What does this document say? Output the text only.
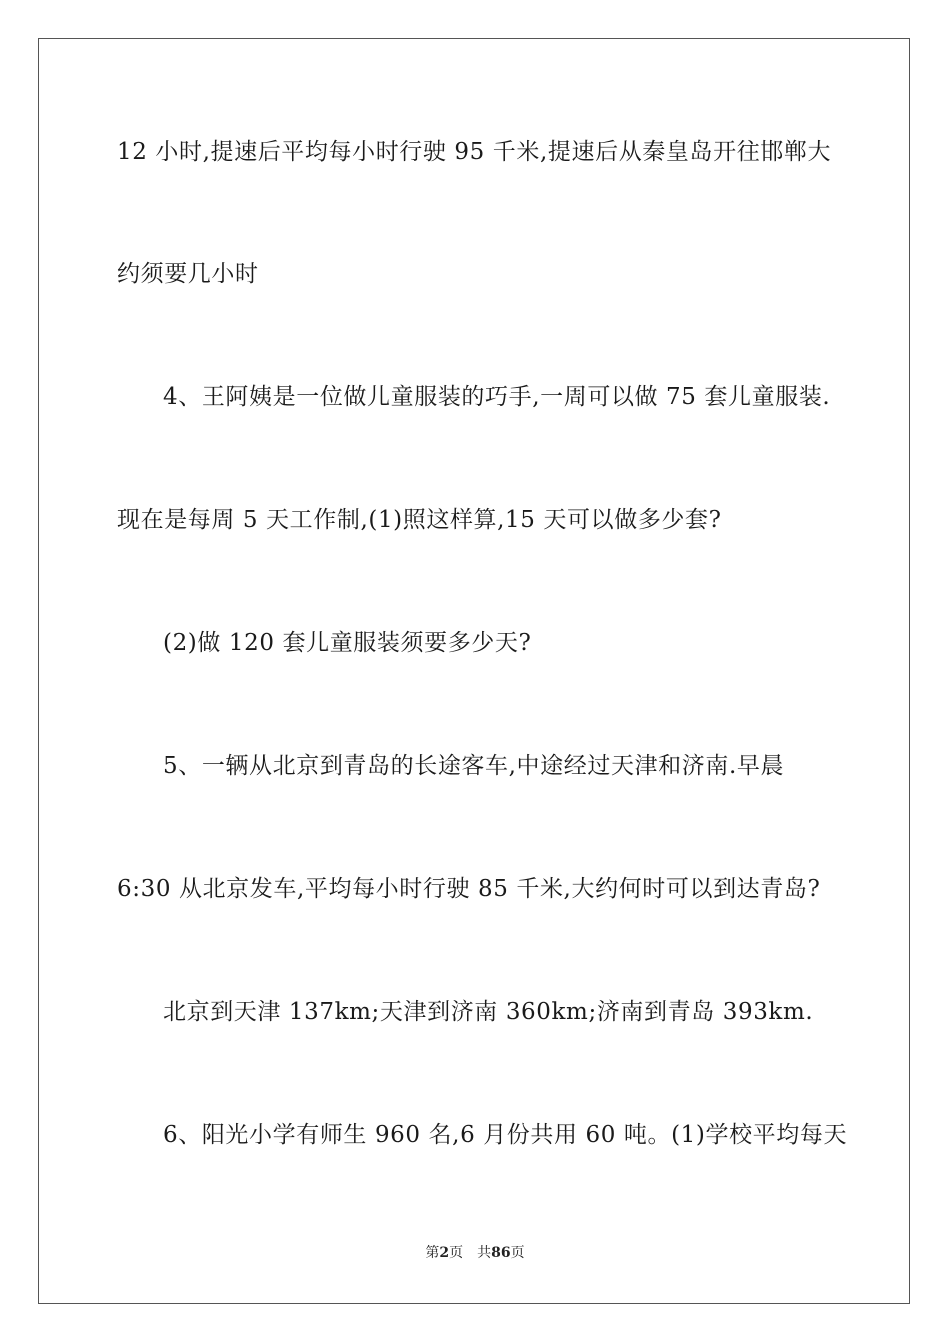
12 小时,提速后平均每小时行驶 95 千米,提速后从秦皇岛开往邯郸大
约须要几小时
4、王阿姨是一位做儿童服装的巧手,一周可以做 75 套儿童服装.
现在是每周 5 天工作制,(1)照这样算,15 天可以做多少套?
(2)做 120 套儿童服装须要多少天?
5、一辆从北京到青岛的长途客车,中途经过天津和济南.早晨
6:30 从北京发车,平均每小时行驶 85 千米,大约何时可以到达青岛?
北京到天津 137km;天津到济南 360km;济南到青岛 393km.
6、阳光小学有师生 960 名,6 月份共用 60 吨。(1)学校平均每天
第2页 共86页
